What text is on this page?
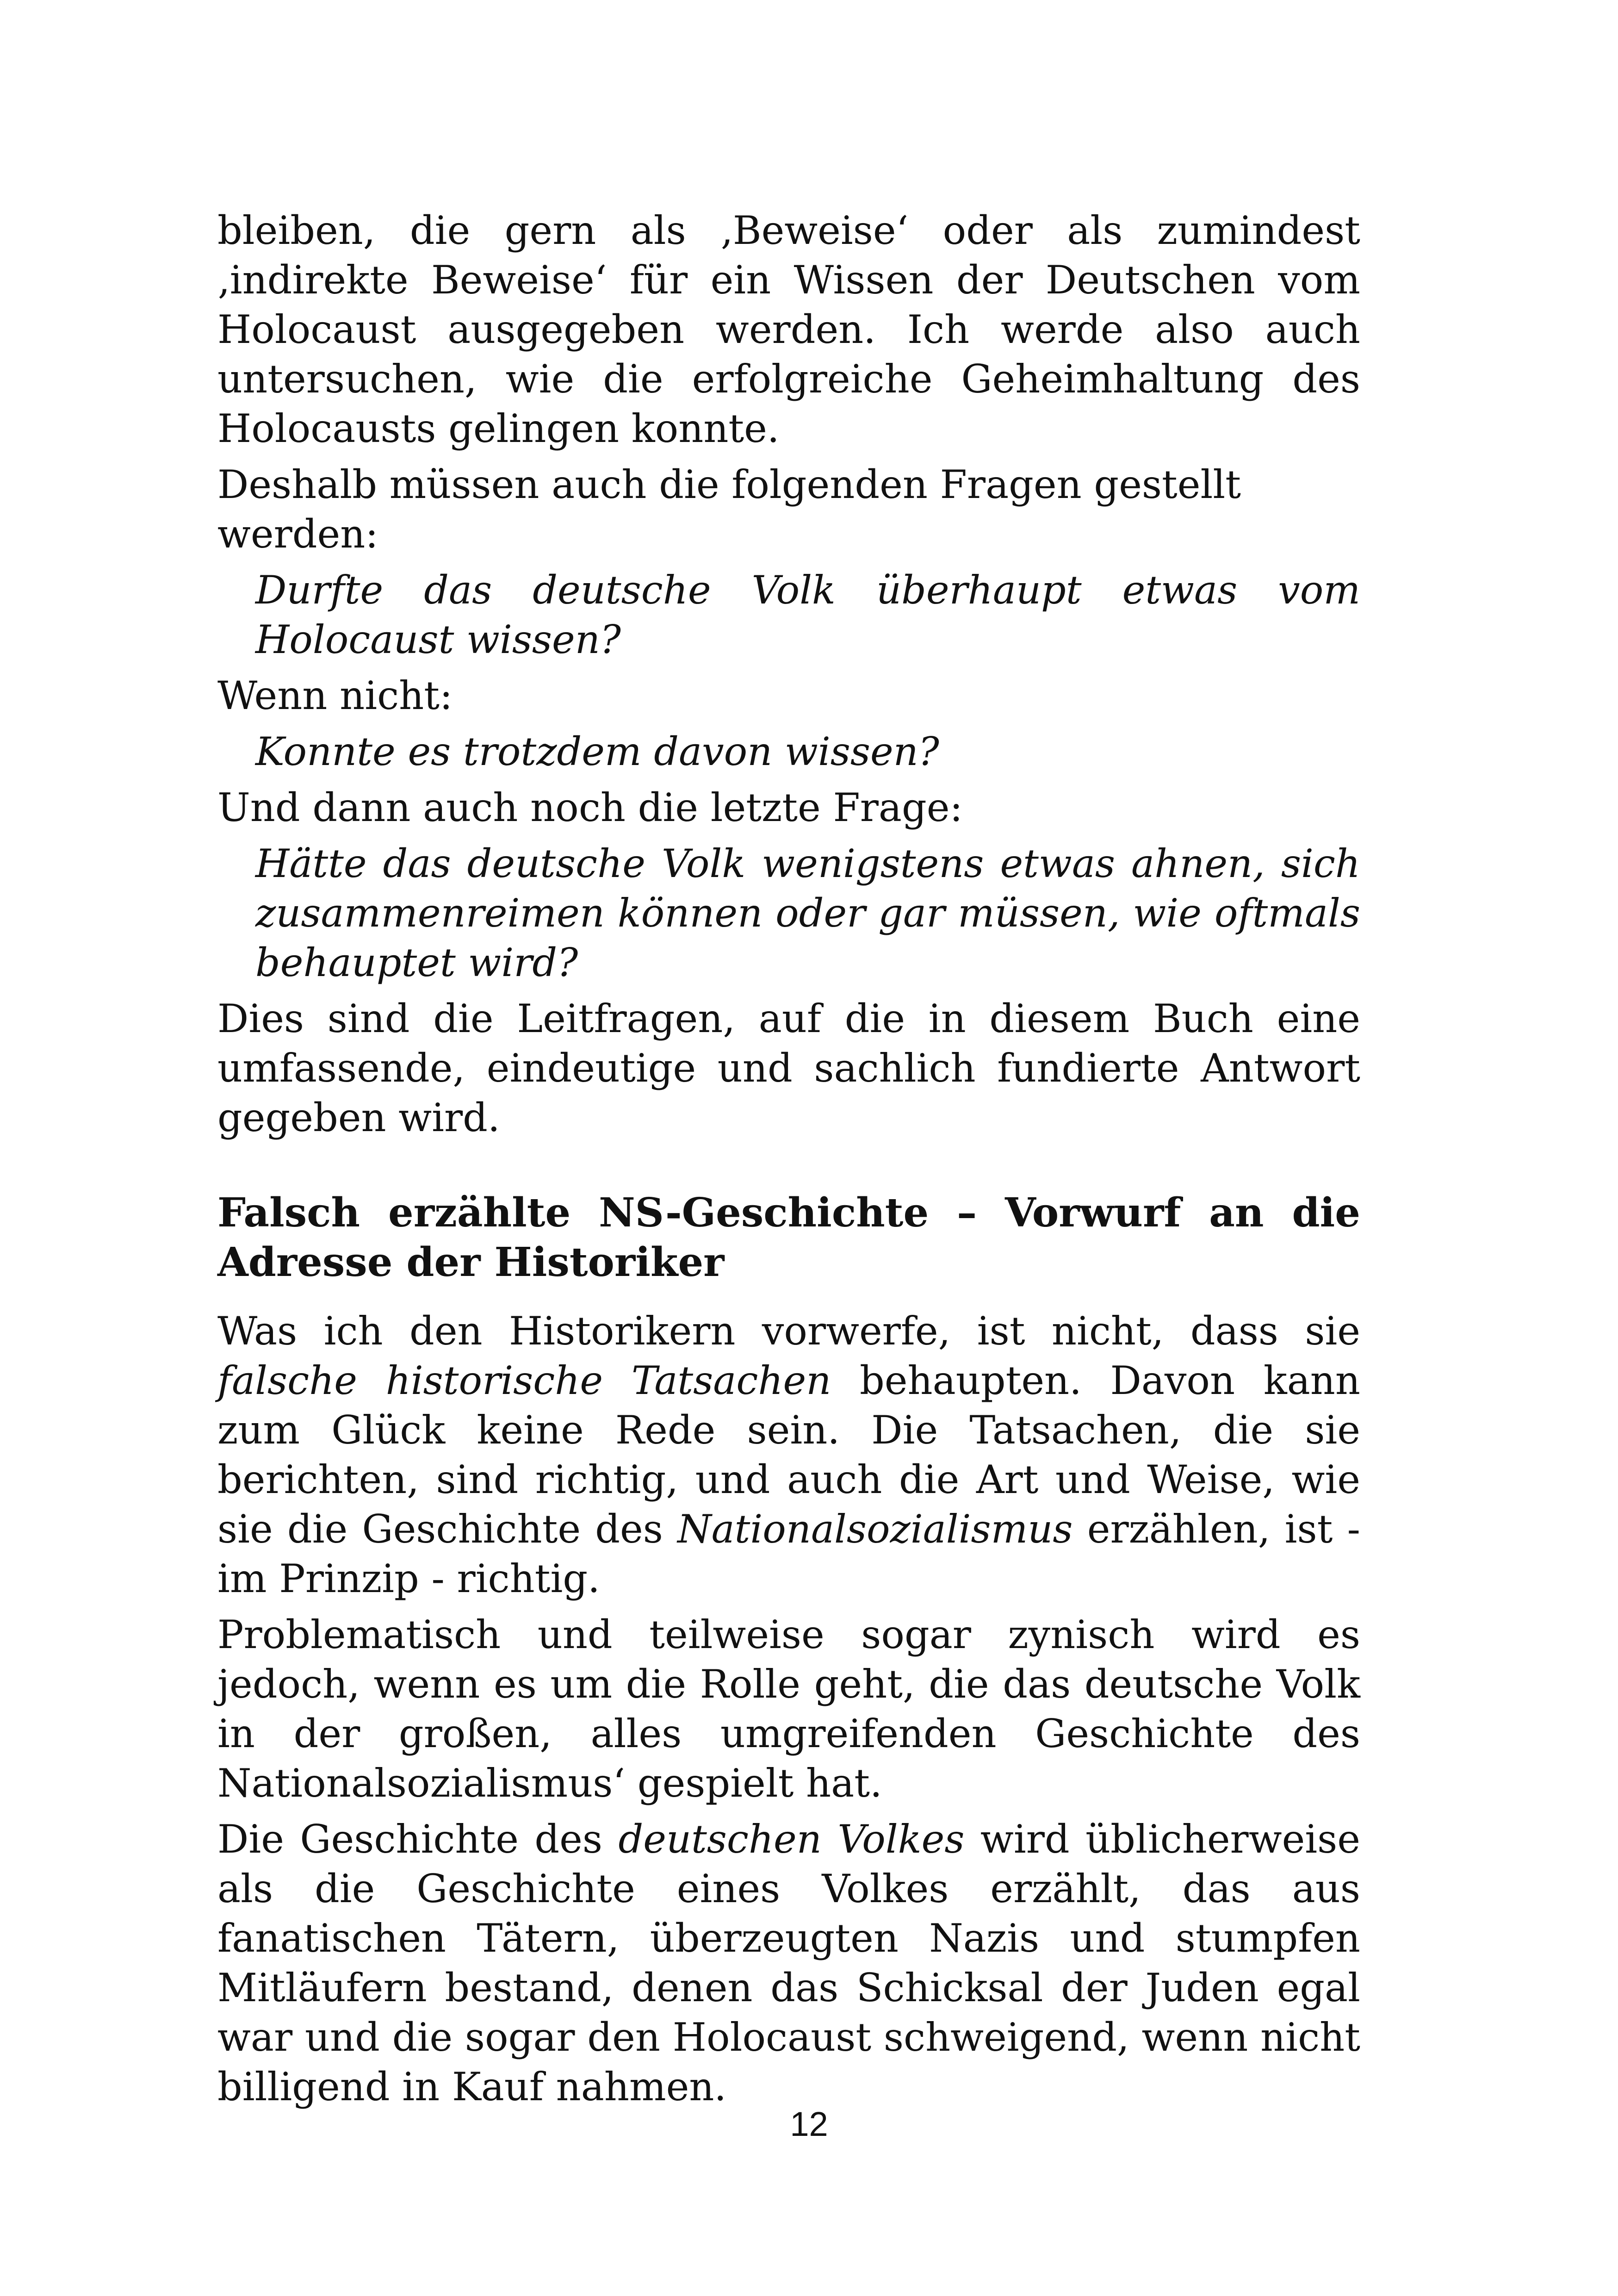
bleiben, die gern als ‚Beweise‘ oder als zumindest ‚indirekte Beweise‘ für ein Wissen der Deutschen vom Holocaust ausgegeben werden. Ich werde also auch untersuchen, wie die erfolgreiche Geheimhaltung des Holocausts gelingen konnte.

Deshalb müssen auch die folgenden Fragen gestellt werden:

Durfte das deutsche Volk überhaupt etwas vom Holocaust wissen?

Wenn nicht:

Konnte es trotzdem davon wissen?

Und dann auch noch die letzte Frage:

Hätte das deutsche Volk wenigstens etwas ahnen, sich zusammenreimen können oder gar müssen, wie oftmals behauptet wird?

Dies sind die Leitfragen, auf die in diesem Buch eine umfassende, eindeutige und sachlich fundierte Antwort gegeben wird.

Falsch erzählte NS-Geschichte – Vorwurf an die Adresse der Historiker

Was ich den Historikern vorwerfe, ist nicht, dass sie falsche historische Tatsachen behaupten. Davon kann zum Glück keine Rede sein. Die Tatsachen, die sie berichten, sind richtig, und auch die Art und Weise, wie sie die Geschichte des Nationalsozialismus erzählen, ist - im Prinzip - richtig.

Problematisch und teilweise sogar zynisch wird es jedoch, wenn es um die Rolle geht, die das deutsche Volk in der großen, alles umgreifenden Geschichte des Nationalsozialismus‘ gespielt hat.

Die Geschichte des deutschen Volkes wird üblicherweise als die Geschichte eines Volkes erzählt, das aus fanatischen Tätern, überzeugten Nazis und stumpfen Mitläufern bestand, denen das Schicksal der Juden egal war und die sogar den Holocaust schweigend, wenn nicht billigend in Kauf nahmen.

12
